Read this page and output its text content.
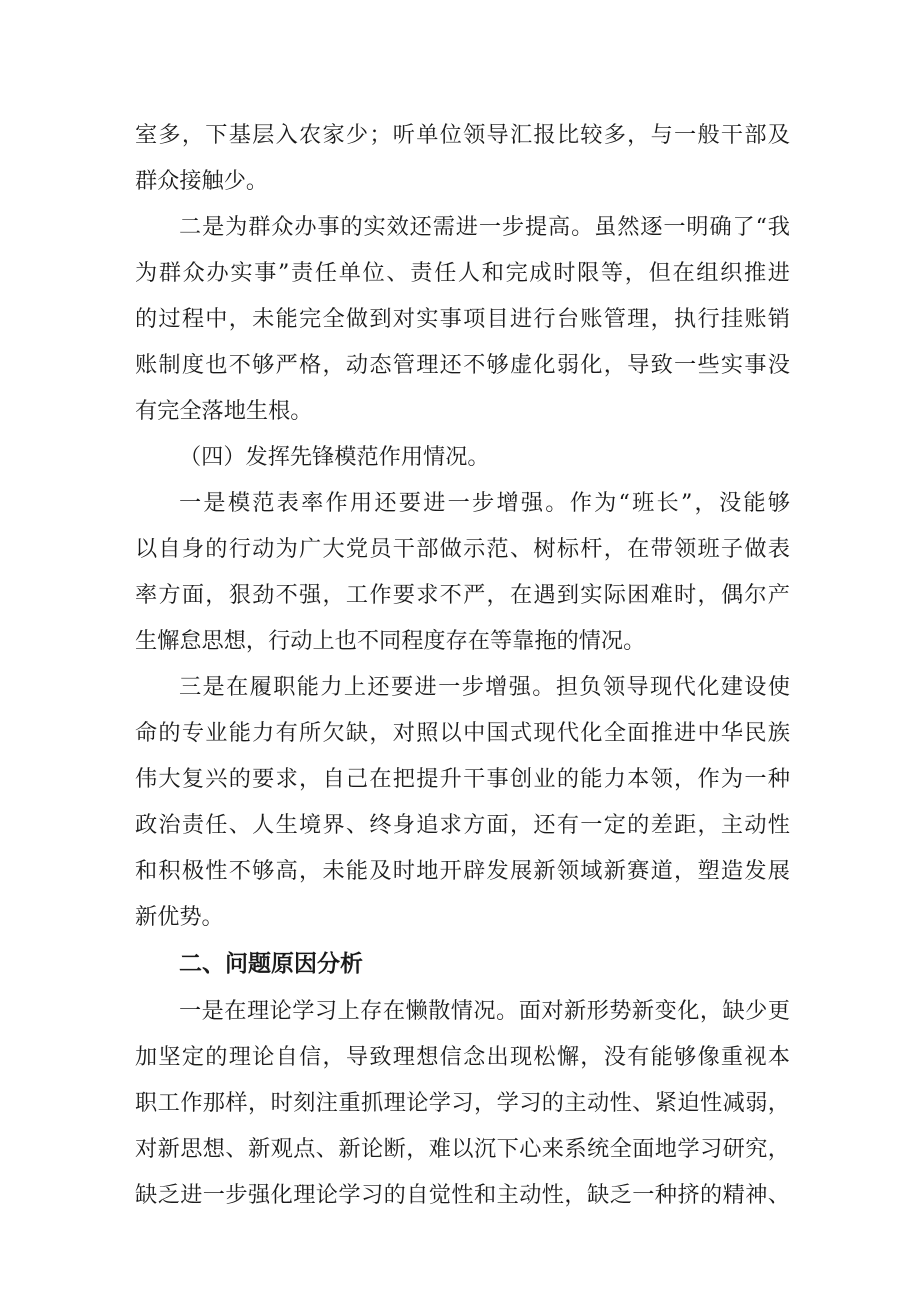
室多，下基层入农家少；听单位领导汇报比较多，与一般干部及
群众接触少。
二是为群众办事的实效还需进一步提高。虽然逐一明确了“我
为群众办实事”责任单位、责任人和完成时限等，但在组织推进
的过程中，未能完全做到对实事项目进行台账管理，执行挂账销
账制度也不够严格，动态管理还不够虚化弱化，导致一些实事没
有完全落地生根。
（四）发挥先锋模范作用情况。
一是模范表率作用还要进一步增强。作为“班长”，没能够
以自身的行动为广大党员干部做示范、树标杆，在带领班子做表
率方面，狠劲不强，工作要求不严，在遇到实际困难时，偶尔产
生懈怠思想，行动上也不同程度存在等靠拖的情况。
三是在履职能力上还要进一步增强。担负领导现代化建设使
命的专业能力有所欠缺，对照以中国式现代化全面推进中华民族
伟大复兴的要求，自己在把提升干事创业的能力本领，作为一种
政治责任、人生境界、终身追求方面，还有一定的差距，主动性
和积极性不够高，未能及时地开辟发展新领域新赛道，塑造发展
新优势。
二、问题原因分析
一是在理论学习上存在懒散情况。面对新形势新变化，缺少更
加坚定的理论自信，导致理想信念出现松懈，没有能够像重视本
职工作那样，时刻注重抓理论学习，学习的主动性、紧迫性减弱，
对新思想、新观点、新论断，难以沉下心来系统全面地学习研究，
缺乏进一步强化理论学习的自觉性和主动性，缺乏一种挤的精神、
